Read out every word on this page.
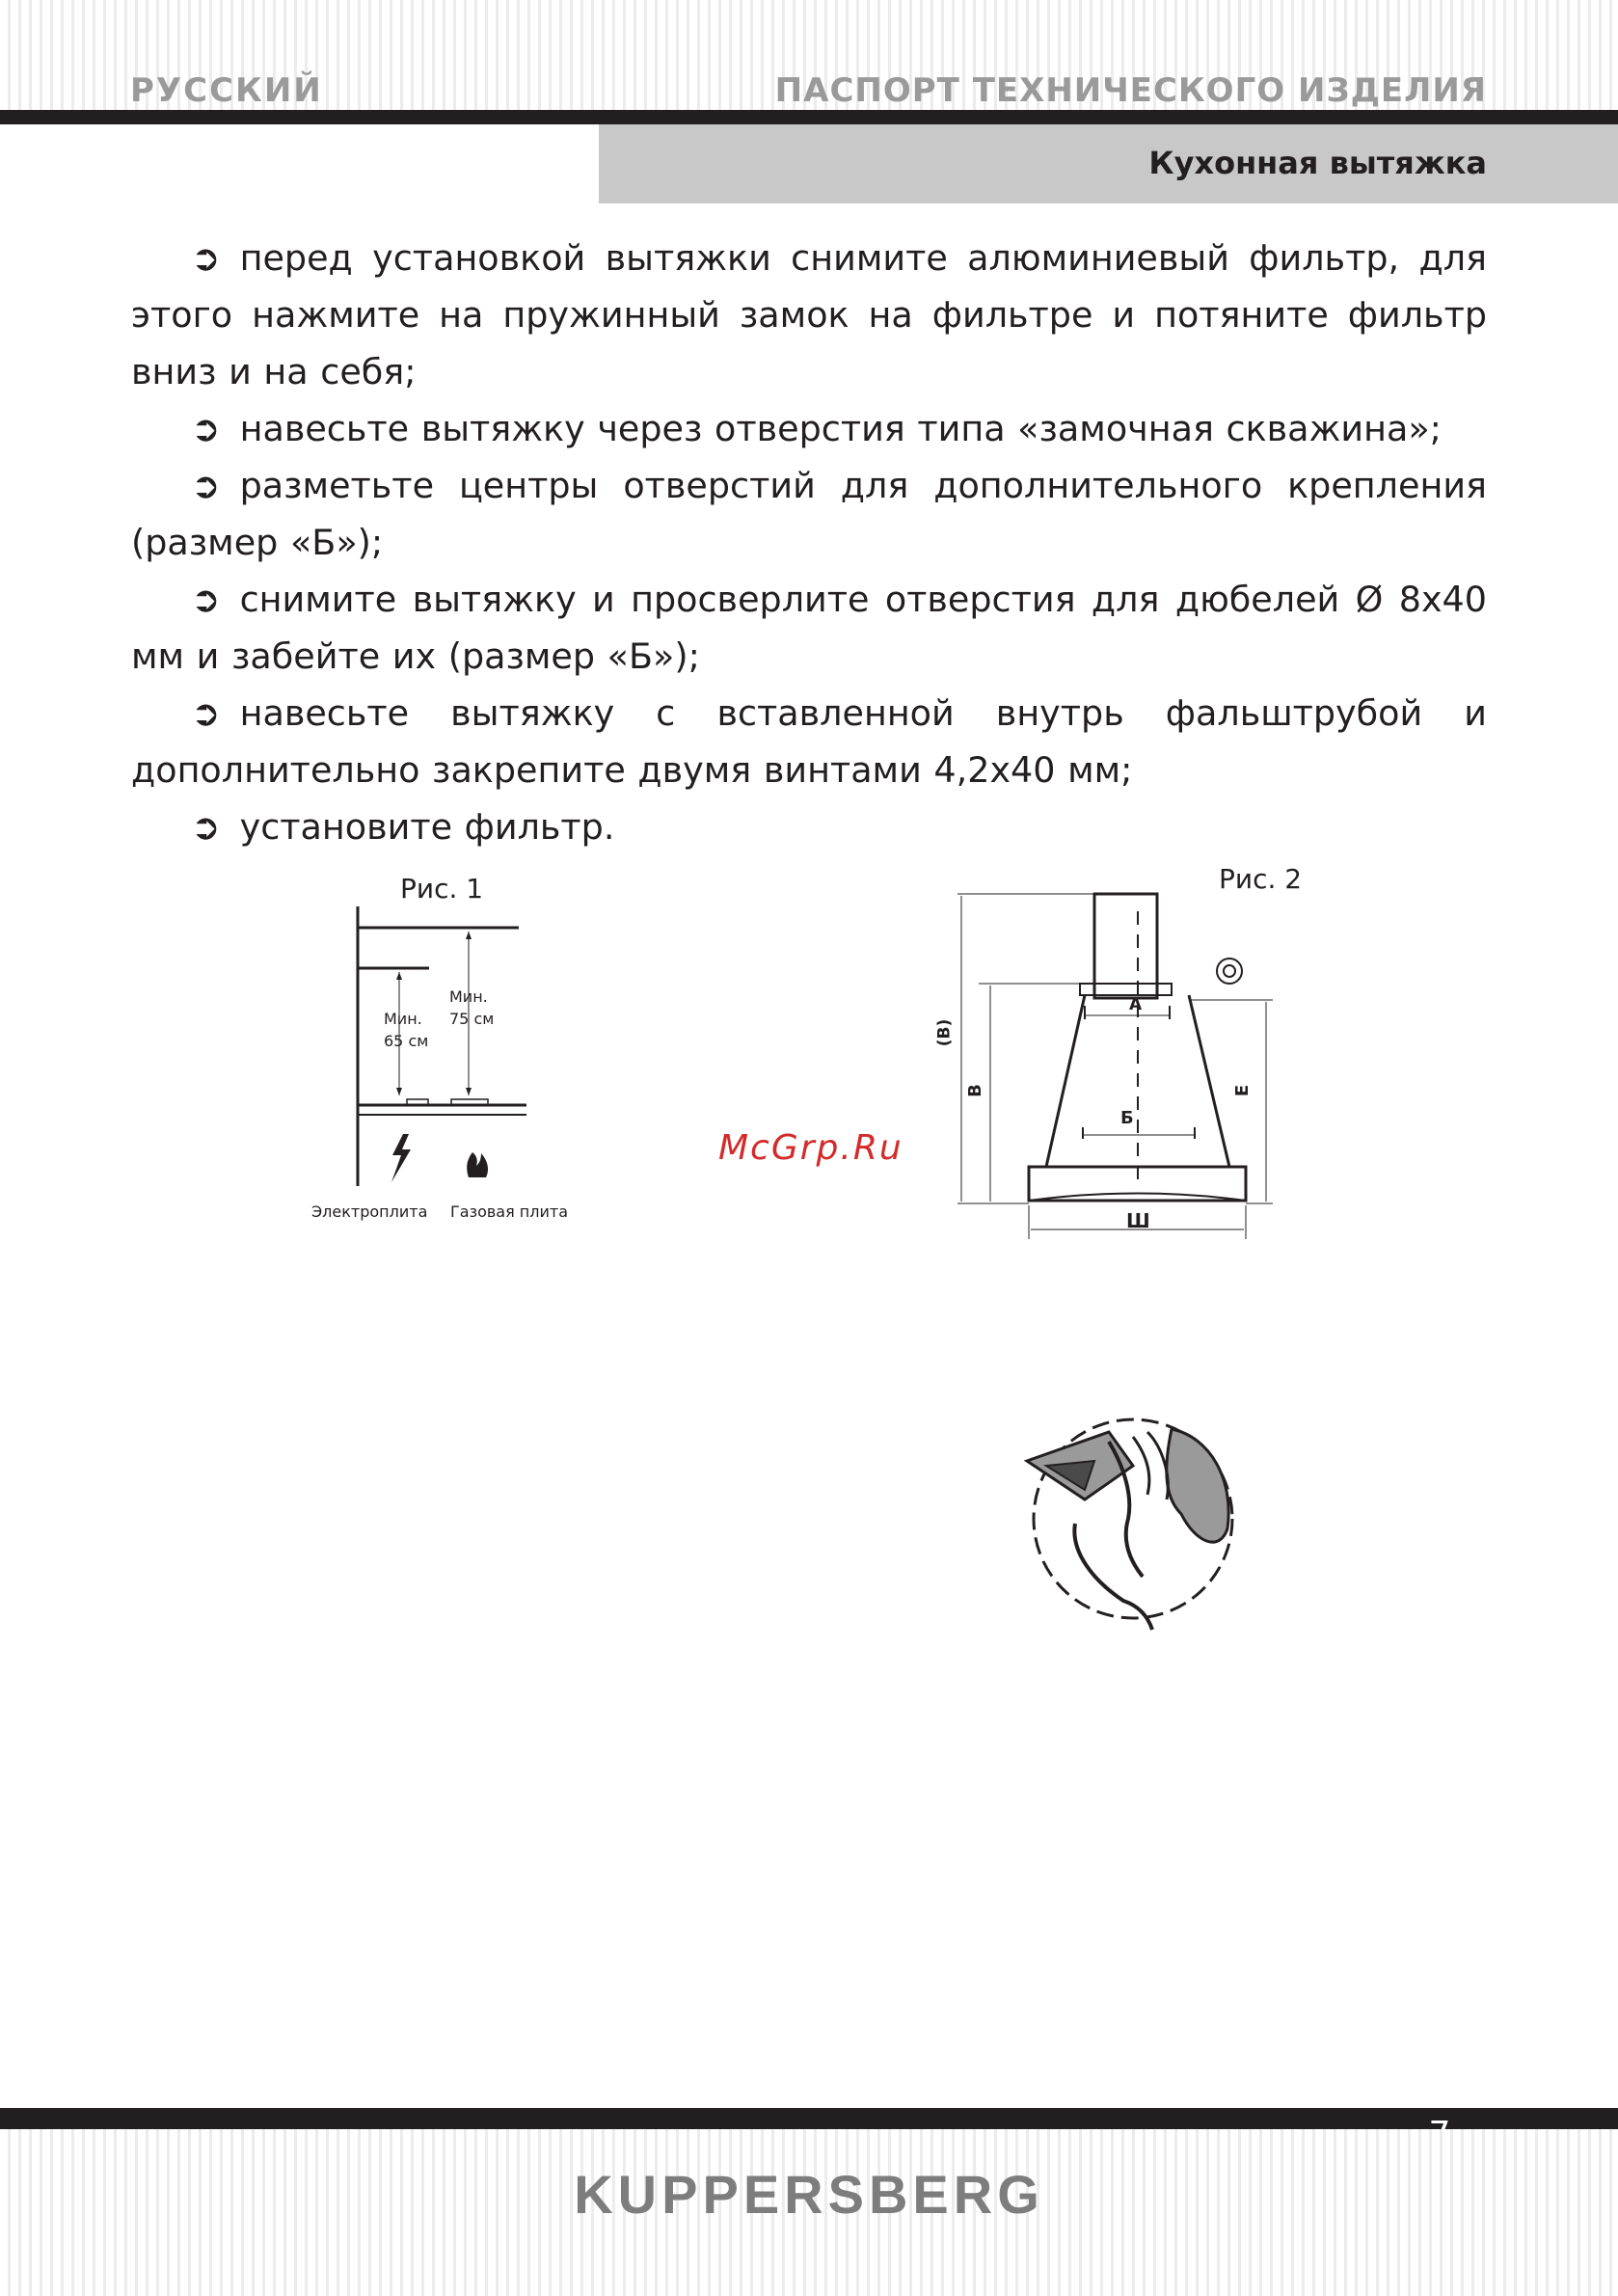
РУССКИЙ	ПАСПОРТ ТЕХНИЧЕСКОГО ИЗДЕЛИЯ
Кухонная вытяжка

➲ перед установкой вытяжки снимите алюминиевый фильтр, для этого нажмите на пружинный замок на фильтре и потяните фильтр вниз и на себя;

➲ навесьте вытяжку через отверстия типа «замочная скважина»;

➲ разметьте центры отверстий для дополнительного крепления (размер «Б»);

➲ снимите вытяжку и просверлите отверстия для дюбелей Ø 8x40 мм и забейте их (размер «Б»);

➲ навесьте вытяжку с вставленной внутрь фальштрубой и дополнительно закрепите двумя винтами 4,2x40 мм;

➲ установите фильтр.

Рис. 1
Мин.
65 см
Мин.
75 см
Электроплита Газовая плита
Рис. 2
A
Б
(B)
B	E
Ш
McGrp.Ru
KUPPERSBERG
